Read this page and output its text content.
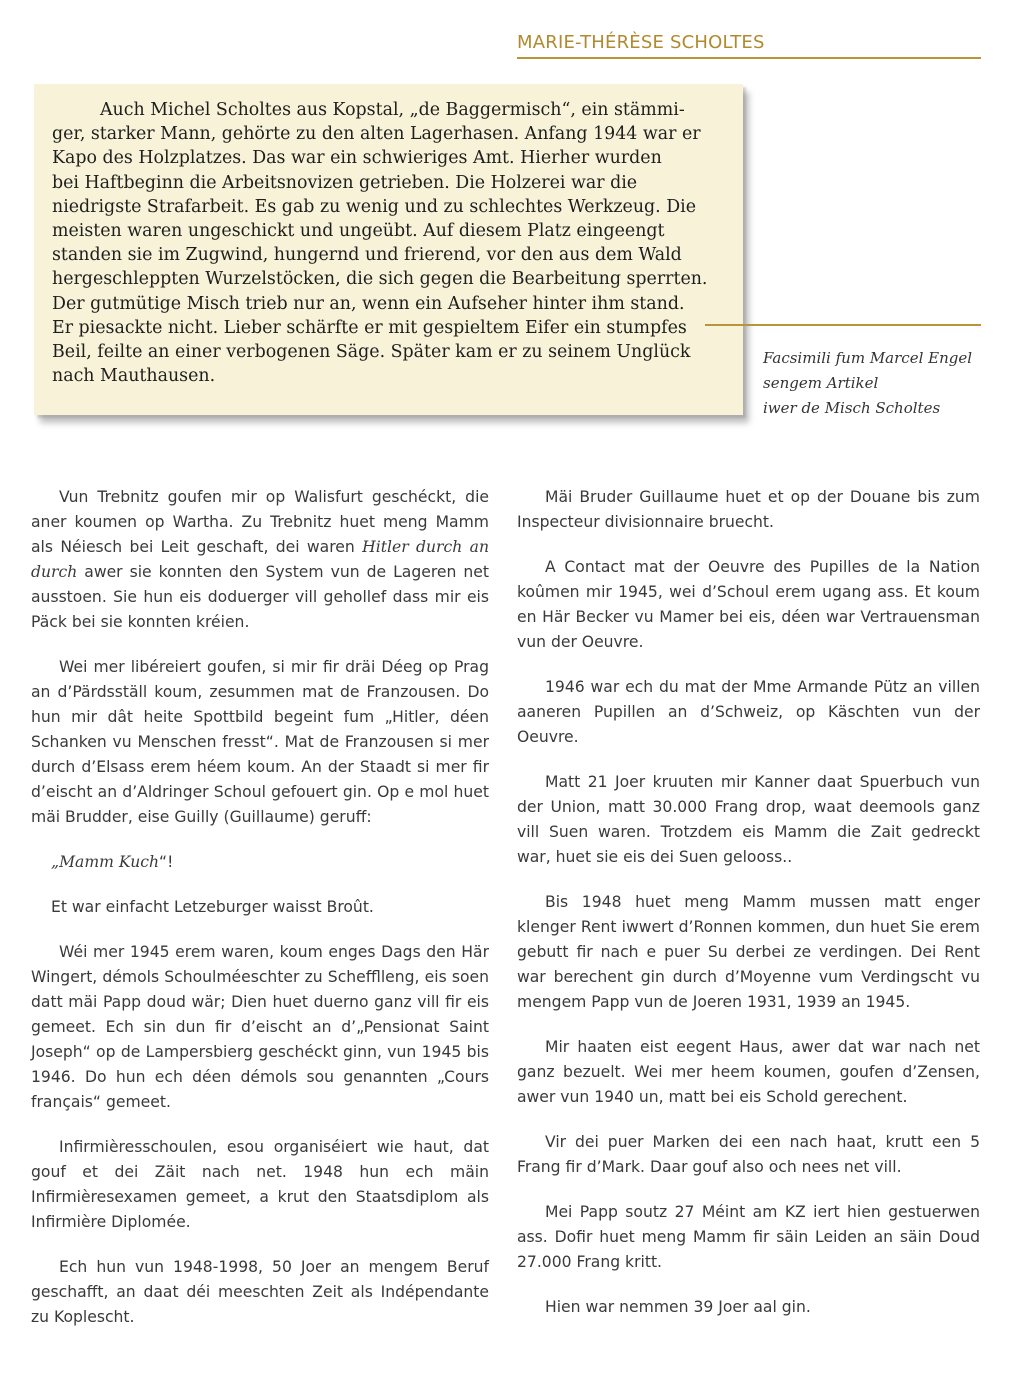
MARIE-THÉRÈSE SCHOLTES
Auch Michel Scholtes aus Kopstal, „de Baggermisch“, ein stämmi-
ger, starker Mann, gehörte zu den alten Lagerhasen. Anfang 1944 war er
Kapo des Holzplatzes. Das war ein schwieriges Amt. Hierher wurden
bei Haftbeginn die Arbeitsnovizen getrieben. Die Holzerei war die
niedrigste Strafarbeit. Es gab zu wenig und zu schlechtes Werkzeug. Die
meisten waren ungeschickt und ungeübt. Auf diesem Platz eingeengt
standen sie im Zugwind, hungernd und frierend, vor den aus dem Wald
hergeschleppten Wurzelstöcken, die sich gegen die Bearbeitung sperrten.
Der gutmütige Misch trieb nur an, wenn ein Aufseher hinter ihm stand.
Er piesackte nicht. Lieber schärfte er mit gespieltem Eifer ein stumpfes
Beil, feilte an einer verbogenen Säge. Später kam er zu seinem Unglück
nach Mauthausen.
Facsimili fum Marcel Engel
sengem Artikel
iwer de Misch Scholtes

Vun Trebnitz goufen mir op Walisfurt geschéckt, die aner koumen op Wartha. Zu Trebnitz huet meng Mamm als Néiesch bei Leit geschaft, dei waren Hitler durch an durch awer sie konnten den System vun de Lageren net ausstoen. Sie hun eis doduerger vill gehollef dass mir eis Päck bei sie konnten kréien.

Wei mer libéreiert goufen, si mir fir dräi Déeg op Prag an d’Pärdsställ koum, zesummen mat de Franzousen. Do hun mir dât heite Spottbild begeint fum „Hitler, déen Schanken vu Menschen fresst“. Mat de Franzousen si mer durch d’Elsass erem héem koum. An der Staadt si mer fir d’eischt an d’Aldringer Schoul gefouert gin. Op e mol huet mäi Brudder, eise Guilly (Guillaume) geruff:

„Mamm Kuch“!

Et war einfacht Letzeburger waisst Broût.

Wéi mer 1945 erem waren, koum enges Dags den Här Wingert, démols Schoulméeschter zu Schefflleng, eis soen datt mäi Papp doud wär; Dien huet duerno ganz vill fir eis gemeet. Ech sin dun fir d’eischt an d’„Pensionat Saint Joseph“ op de Lampersbierg geschéckt ginn, vun 1945 bis 1946. Do hun ech déen démols sou genannten „Cours français“ gemeet.

Infirmièresschoulen, esou organiséiert wie haut, dat gouf et dei Zäit nach net. 1948 hun ech mäin Infirmièresexamen gemeet, a krut den Staatsdiplom als Infirmière Diplomée.

Ech hun vun 1948-1998, 50 Joer an mengem Beruf geschafft, an daat déi meeschten Zeit als Indépendante zu Koplescht.

Mäi Bruder Guillaume huet et op der Douane bis zum Inspecteur divisionnaire bruecht.

A Contact mat der Oeuvre des Pupilles de la Nation koûmen mir 1945, wei d’Schoul erem ugang ass. Et koum en Här Becker vu Mamer bei eis, déen war Vertrauensman vun der Oeuvre.

1946 war ech du mat der Mme Armande Pütz an villen aaneren Pupillen an d’Schweiz, op Käschten vun der Oeuvre.

Matt 21 Joer kruuten mir Kanner daat Spuerbuch vun der Union, matt 30.000 Frang drop, waat deemools ganz vill Suen waren. Trotzdem eis Mamm die Zait gedreckt war, huet sie eis dei Suen gelooss..

Bis 1948 huet meng Mamm mussen matt enger klenger Rent iwwert d’Ronnen kommen, dun huet Sie erem gebutt fir nach e puer Su derbei ze verdingen. Dei Rent war berechent gin durch d’Moyenne vum Verdingscht vu mengem Papp vun de Joeren 1931, 1939 an 1945.

Mir haaten eist eegent Haus, awer dat war nach net ganz bezuelt. Wei mer heem koumen, goufen d’Zensen, awer vun 1940 un, matt bei eis Schold gerechent.

Vir dei puer Marken dei een nach haat, krutt een 5 Frang fir d’Mark. Daar gouf also och nees net vill.

Mei Papp soutz 27 Méint am KZ iert hien gestuerwen ass. Dofir huet meng Mamm fir säin Leiden an säin Doud 27.000 Frang kritt.

Hien war nemmen 39 Joer aal gin.
